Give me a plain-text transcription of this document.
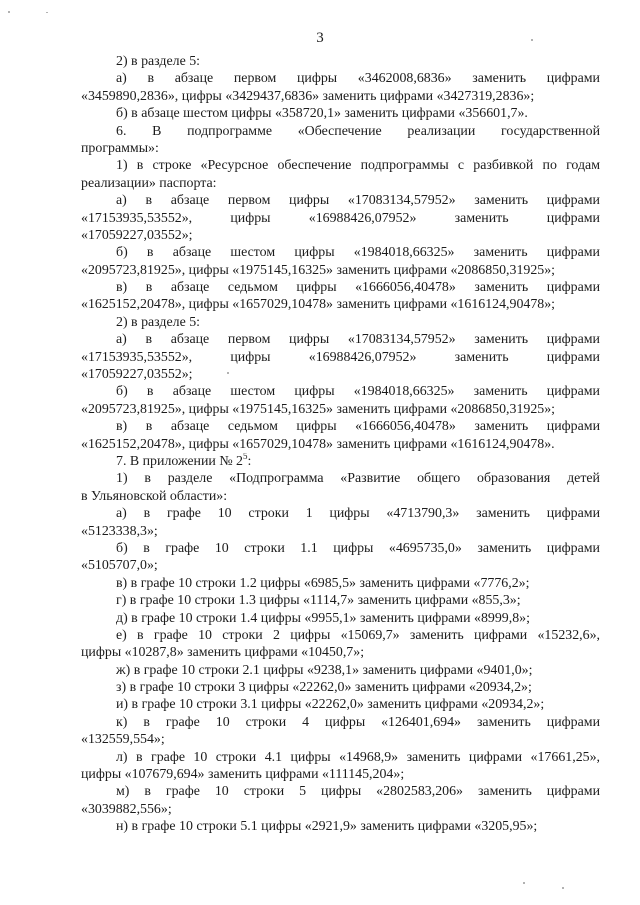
3
2) в разделе 5:
а) в абзаце первом цифры «3462008,6836» заменить цифрами
«3459890,2836», цифры «3429437,6836» заменить цифрами «3427319,2836»;
б) в абзаце шестом цифры «358720,1» заменить цифрами «356601,7».
6. В подпрограмме «Обеспечение реализации государственной
программы»:
1) в строке «Ресурсное обеспечение подпрограммы с разбивкой по годам
реализации» паспорта:
а) в абзаце первом цифры «17083134,57952» заменить цифрами
«17153935,53552», цифры «16988426,07952» заменить цифрами
«17059227,03552»;
б) в абзаце шестом цифры «1984018,66325» заменить цифрами
«2095723,81925», цифры «1975145,16325» заменить цифрами «2086850,31925»;
в) в абзаце седьмом цифры «1666056,40478» заменить цифрами
«1625152,20478», цифры «1657029,10478» заменить цифрами «1616124,90478»;
2) в разделе 5:
а) в абзаце первом цифры «17083134,57952» заменить цифрами
«17153935,53552», цифры «16988426,07952» заменить цифрами
«17059227,03552»;
б) в абзаце шестом цифры «1984018,66325» заменить цифрами
«2095723,81925», цифры «1975145,16325» заменить цифрами «2086850,31925»;
в) в абзаце седьмом цифры «1666056,40478» заменить цифрами
«1625152,20478», цифры «1657029,10478» заменить цифрами «1616124,90478».
7. В приложении № $2^5$:
1) в разделе «Подпрограмма «Развитие общего образования детей
в Ульяновской области»:
а) в графе 10 строки 1 цифры «4713790,3» заменить цифрами
«5123338,3»;
б) в графе 10 строки 1.1 цифры «4695735,0» заменить цифрами
«5105707,0»;
в) в графе 10 строки 1.2 цифры «6985,5» заменить цифрами «7776,2»;
г) в графе 10 строки 1.3 цифры «1114,7» заменить цифрами «855,3»;
д) в графе 10 строки 1.4 цифры «9955,1» заменить цифрами «8999,8»;
е) в графе 10 строки 2 цифры «15069,7» заменить цифрами «15232,6»,
цифры «10287,8» заменить цифрами «10450,7»;
ж) в графе 10 строки 2.1 цифры «9238,1» заменить цифрами «9401,0»;
з) в графе 10 строки 3 цифры «22262,0» заменить цифрами «20934,2»;
и) в графе 10 строки 3.1 цифры «22262,0» заменить цифрами «20934,2»;
к) в графе 10 строки 4 цифры «126401,694» заменить цифрами
«132559,554»;
л) в графе 10 строки 4.1 цифры «14968,9» заменить цифрами «17661,25»,
цифры «107679,694» заменить цифрами «111145,204»;
м) в графе 10 строки 5 цифры «2802583,206» заменить цифрами
«3039882,556»;
н) в графе 10 строки 5.1 цифры «2921,9» заменить цифрами «3205,95»;
